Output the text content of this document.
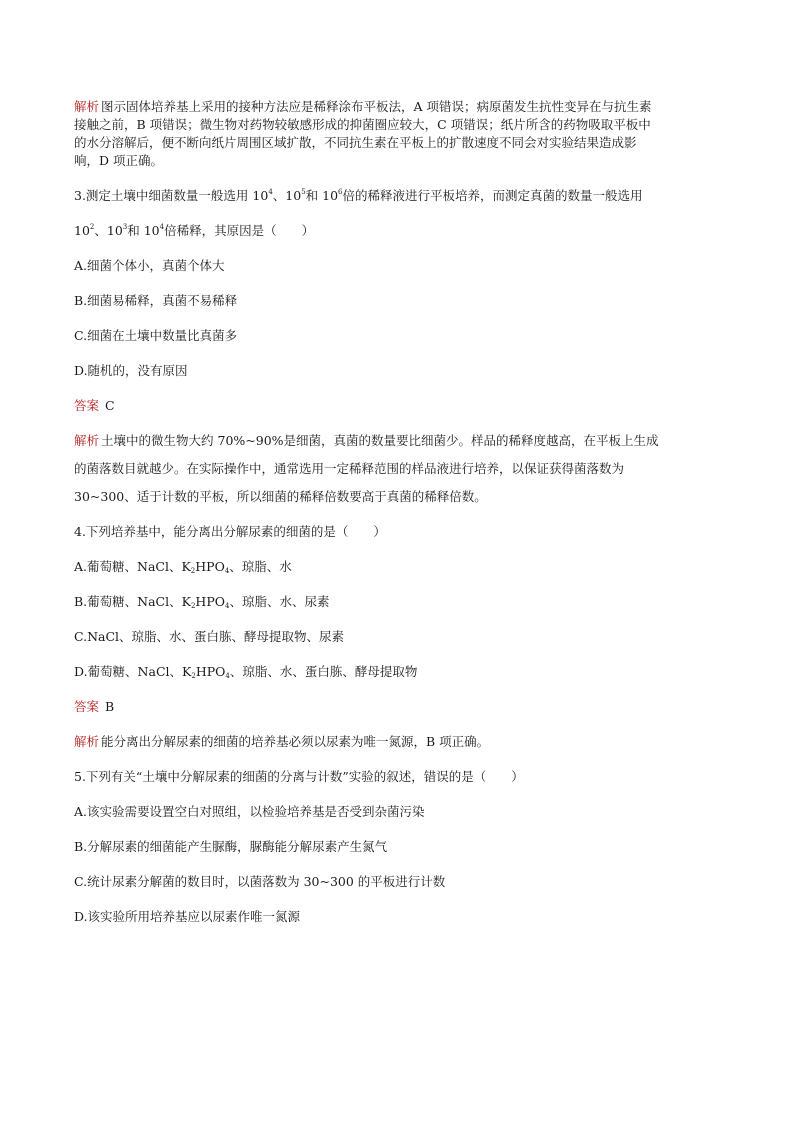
解析 图示固体培养基上采用的接种方法应是稀释涂布平板法，A 项错误；病原菌发生抗性变异在与抗生素
接触之前，B 项错误；微生物对药物较敏感形成的抑菌圈应较大，C 项错误；纸片所含的药物吸取平板中
的水分溶解后，便不断向纸片周围区域扩散，不同抗生素在平板上的扩散速度不同会对实验结果造成影
响，D 项正确。
3.测定土壤中细菌数量一般选用 $10^4$、$10^5$和 $10^6$倍的稀释液进行平板培养，而测定真菌的数量一般选用
$10^2$、$10^3$和 $10^4$倍稀释，其原因是（　　）
A.细菌个体小，真菌个体大
B.细菌易稀释，真菌不易稀释
C.细菌在土壤中数量比真菌多
D.随机的，没有原因
答案 C
解析 土壤中的微生物大约 70%~90%是细菌，真菌的数量要比细菌少。样品的稀释度越高，在平板上生成
的菌落数目就越少。在实际操作中，通常选用一定稀释范围的样品液进行培养，以保证获得菌落数为
30~300、适于计数的平板，所以细菌的稀释倍数要高于真菌的稀释倍数。
4.下列培养基中，能分离出分解尿素的细菌的是（　　）
A.葡萄糖、NaCl、$K_2HPO_4$、琼脂、水
B.葡萄糖、NaCl、$K_2HPO_4$、琼脂、水、尿素
C.NaCl、琼脂、水、蛋白胨、酵母提取物、尿素
D.葡萄糖、NaCl、$K_2HPO_4$、琼脂、水、蛋白胨、酵母提取物
答案 B
解析 能分离出分解尿素的细菌的培养基必须以尿素为唯一氮源，B 项正确。
5.下列有关“土壤中分解尿素的细菌的分离与计数”实验的叙述，错误的是（　　）
A.该实验需要设置空白对照组，以检验培养基是否受到杂菌污染
B.分解尿素的细菌能产生脲酶，脲酶能分解尿素产生氮气
C.统计尿素分解菌的数目时，以菌落数为 30~300 的平板进行计数
D.该实验所用培养基应以尿素作唯一氮源
